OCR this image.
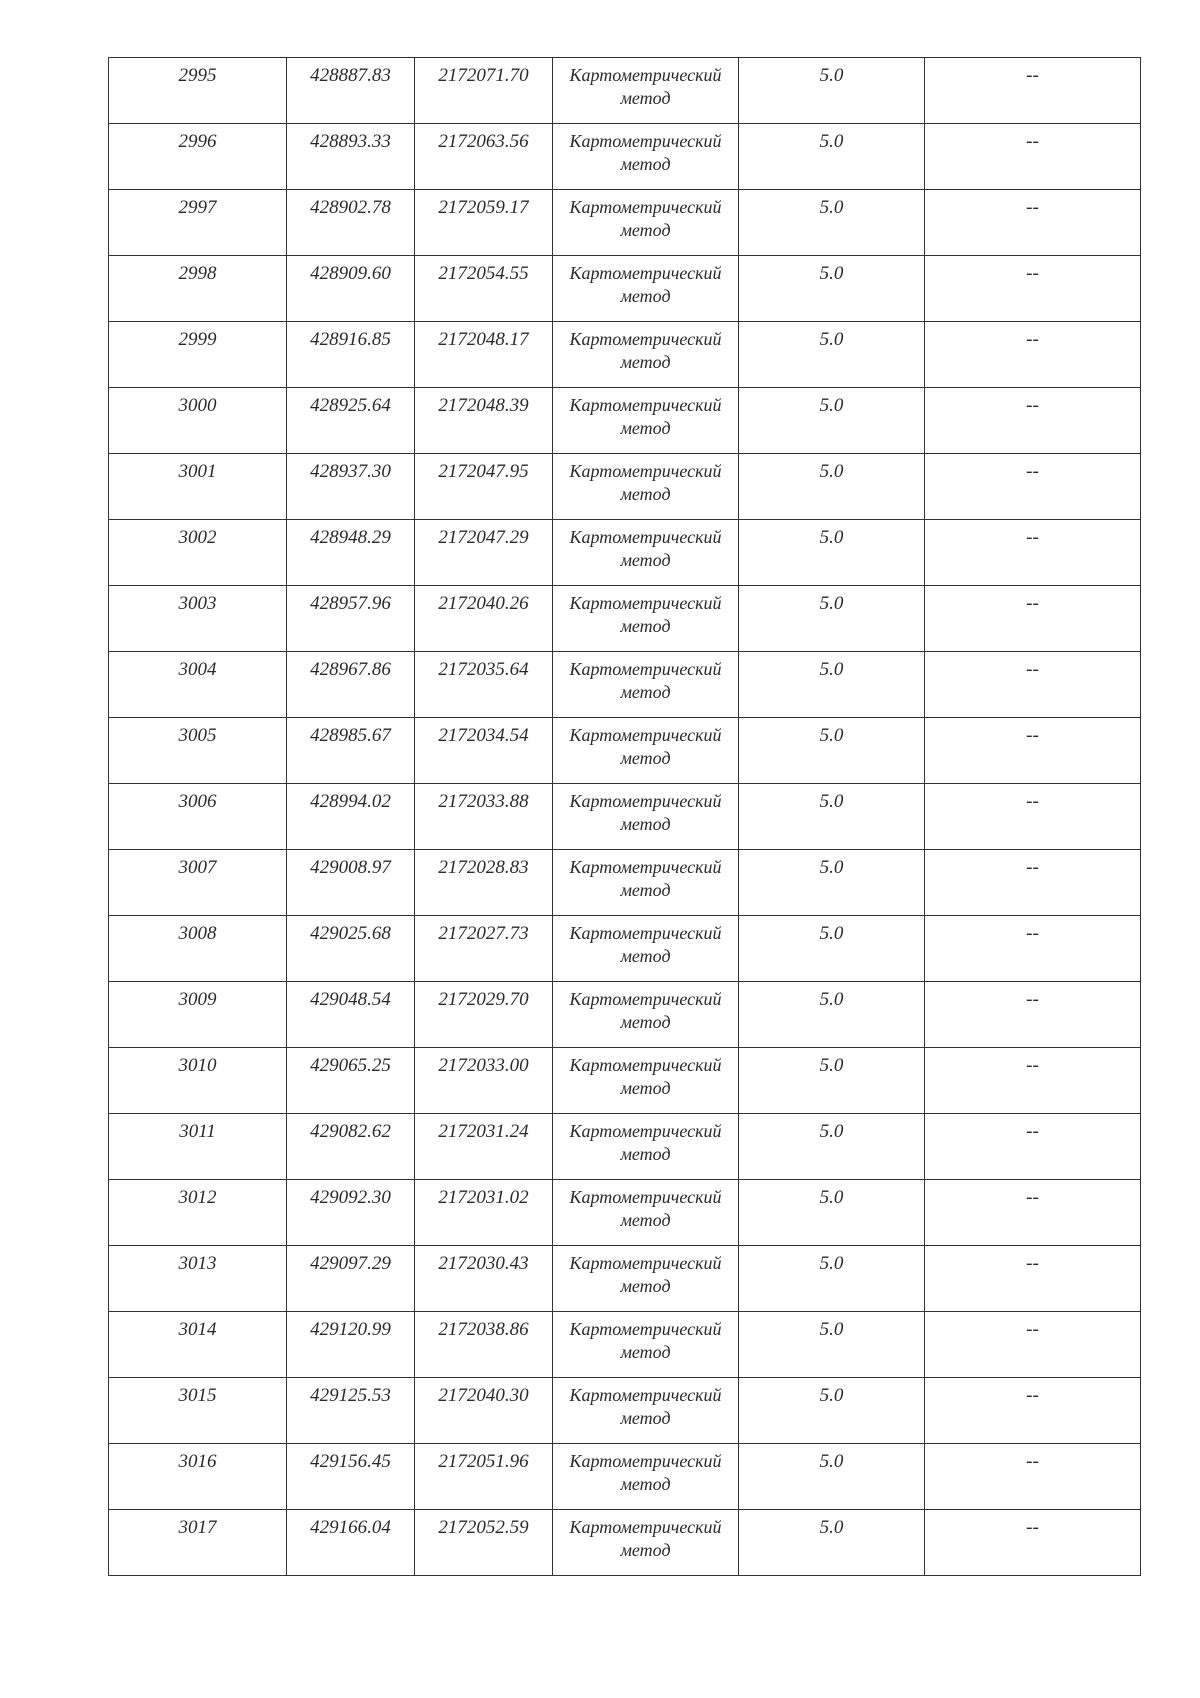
2995	428887.83	2172071.70	Картометрический метод	5.0	--
2996	428893.33	2172063.56	Картометрический метод	5.0	--
2997	428902.78	2172059.17	Картометрический метод	5.0	--
2998	428909.60	2172054.55	Картометрический метод	5.0	--
2999	428916.85	2172048.17	Картометрический метод	5.0	--
3000	428925.64	2172048.39	Картометрический метод	5.0	--
3001	428937.30	2172047.95	Картометрический метод	5.0	--
3002	428948.29	2172047.29	Картометрический метод	5.0	--
3003	428957.96	2172040.26	Картометрический метод	5.0	--
3004	428967.86	2172035.64	Картометрический метод	5.0	--
3005	428985.67	2172034.54	Картометрический метод	5.0	--
3006	428994.02	2172033.88	Картометрический метод	5.0	--
3007	429008.97	2172028.83	Картометрический метод	5.0	--
3008	429025.68	2172027.73	Картометрический метод	5.0	--
3009	429048.54	2172029.70	Картометрический метод	5.0	--
3010	429065.25	2172033.00	Картометрический метод	5.0	--
3011	429082.62	2172031.24	Картометрический метод	5.0	--
3012	429092.30	2172031.02	Картометрический метод	5.0	--
3013	429097.29	2172030.43	Картометрический метод	5.0	--
3014	429120.99	2172038.86	Картометрический метод	5.0	--
3015	429125.53	2172040.30	Картометрический метод	5.0	--
3016	429156.45	2172051.96	Картометрический метод	5.0	--
3017	429166.04	2172052.59	Картометрический метод	5.0	--
